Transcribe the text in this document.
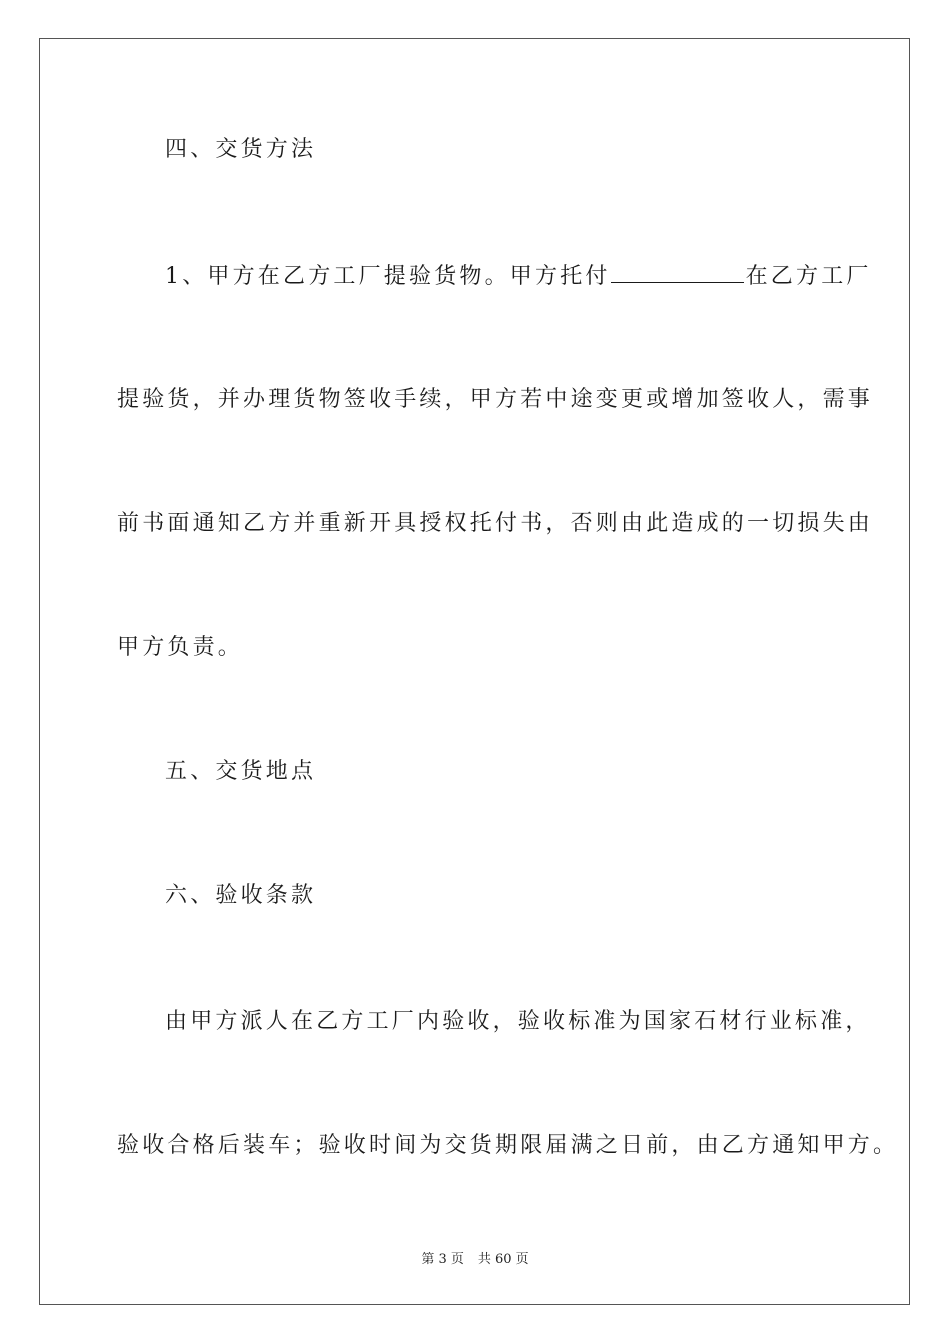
四、交货方法
1、甲方在乙方工厂提验货物。甲方托付	在乙方工厂
提验货，并办理货物签收手续，甲方若中途变更或增加签收人，需事
前书面通知乙方并重新开具授权托付书，否则由此造成的一切损失由
甲方负责。
五、交货地点
六、验收条款
由甲方派人在乙方工厂内验收，验收标准为国家石材行业标准，
验收合格后装车；验收时间为交货期限届满之日前，由乙方通知甲方。
第 3 页 共 60 页
